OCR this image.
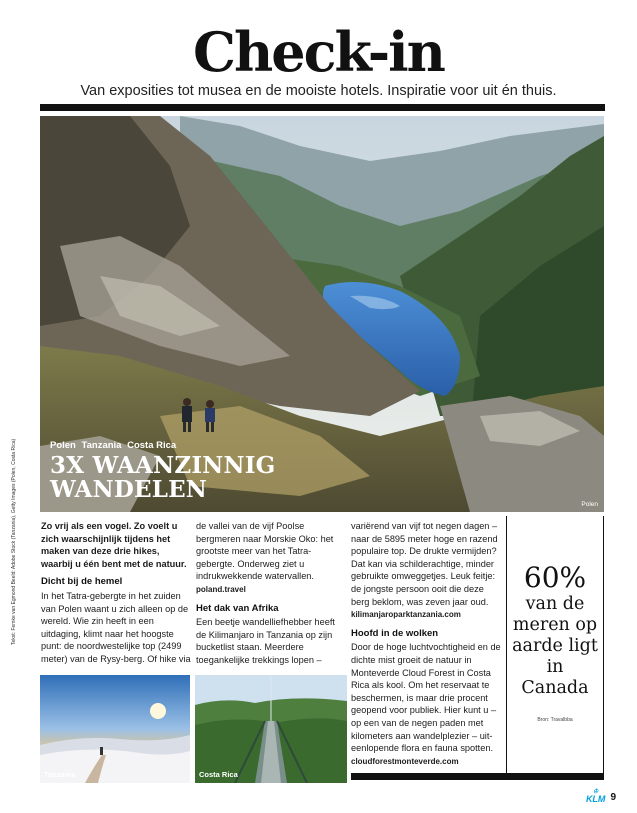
Check-in
Van exposities tot musea en de mooiste hotels. Inspiratie voor uit én thuis.
Polen Tanzania Costa Rica
3X WAANZINNIG
WANDELEN
Polen
Tekst: Femke van Egmond Beeld: Adobe Stock (Tanzania), Getty Images (Polen, Costa Rica)	Zo vrij als een vogel. Zo voelt u zich waarschijnlijk tijdens het maken van deze drie hikes, waarbij u één bent met de natuur.

Dicht bij de hemel

In het Tatra-gebergte in het zuiden van Polen waant u zich alleen op de wereld. Wie zin heeft in een uitdaging, klimt naar het hoogste punt: de noordwestelijke top (2499 meter) van de Rysy-berg. Of hike via

de vallei van de vijf Poolse bergmeren naar Morskie Oko: het grootste meer van het Tatra-gebergte. Onderweg ziet u indrukwekkende watervallen.
poland.travel

Het dak van Afrika

Een beetje wandelliefhebber heeft de Kilimanjaro in Tanzania op zijn bucketlist staan. Meerdere toegankelijke trekkings lopen –

variërend van vijf tot negen dagen – naar de 5895 meter hoge en razend populaire top. De drukte vermijden? Dat kan via schilderachtige, minder gebruikte omweggetjes. Leuk feitje: de jongste persoon ooit die deze berg beklom, was zeven jaar oud.
kilimanjaroparktanzania.com

Hoofd in de wolken

Door de hoge luchtvochtigheid en de dichte mist groeit de natuur in Monteverde Cloud Forest in Costa Rica als kool. Om het reservaat te beschermen, is maar drie procent geopend voor publiek. Hier kunt u – op een van de negen paden met kilometers aan wandelplezier – uit-eenlopende flora en fauna spotten.
cloudforestmonteverde.com

Tanzania	Costa Rica
60%
van de meren op aarde ligt in Canada
Bron: Travalbba
♔
KLM 9
